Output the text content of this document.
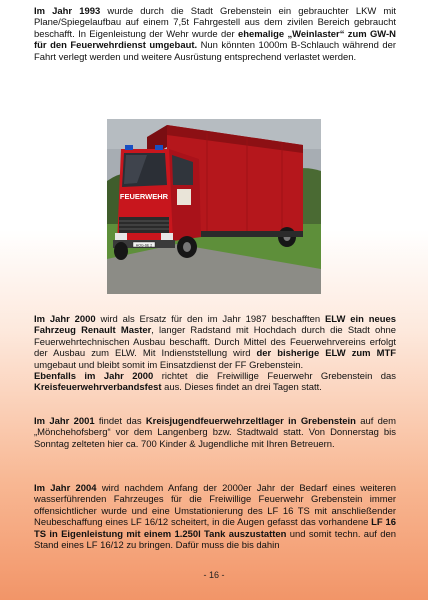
Im Jahr 1993 wurde durch die Stadt Grebenstein ein gebrauchter LKW mit Plane/Spiegelaufbau auf einem 7,5t Fahrgestell aus dem zivilen Bereich gebraucht beschafft. In Eigenleistung der Wehr wurde der ehemalige „Weinlaster“ zum GW-N für den Feuerwehrdienst umgebaut. Nun könnten 1000m B-Schlauch während der Fahrt verlegt werden und weitere Ausrüstung entsprechend verlastet werden.

FEUERWEHR
HOG-SE 2

Im Jahr 2000 wird als Ersatz für den im Jahr 1987 beschafften ELW ein neues Fahrzeug Renault Master, langer Radstand mit Hochdach durch die Stadt ohne Feuerwehrtechnischen Ausbau beschafft. Durch Mittel des Feuerwehrvereins erfolgt der Ausbau zum ELW. Mit Indienststellung wird der bisherige ELW zum MTF umgebaut und bleibt somit im Einsatzdienst der FF Grebenstein.

Ebenfalls im Jahr 2000 richtet die Freiwillige Feuerwehr Grebenstein das Kreisfeuerwehrverbandsfest aus. Dieses findet an drei Tagen statt.

Im Jahr 2001 findet das Kreisjugendfeuerwehrzeltlager in Grebenstein auf dem „Mönchehofsberg“ vor dem Langenberg bzw. Stadtwald statt. Von Donnerstag bis Sonntag zelteten hier ca. 700 Kinder & Jugendliche mit Ihren Betreuern.

Im Jahr 2004 wird nachdem Anfang der 2000er Jahr der Bedarf eines weiteren wasserführenden Fahrzeuges für die Freiwillige Feuerwehr Grebenstein immer offensichtlicher wurde und eine Umstationierung des LF 16 TS mit anschließender Neubeschaffung eines LF 16/12 scheitert, in die Augen gefasst das vorhandene LF 16 TS in Eigenleistung mit einem 1.250l Tank auszustatten und somit techn. auf den Stand eines LF 16/12 zu bringen. Dafür muss die bis dahin

- 16 -
